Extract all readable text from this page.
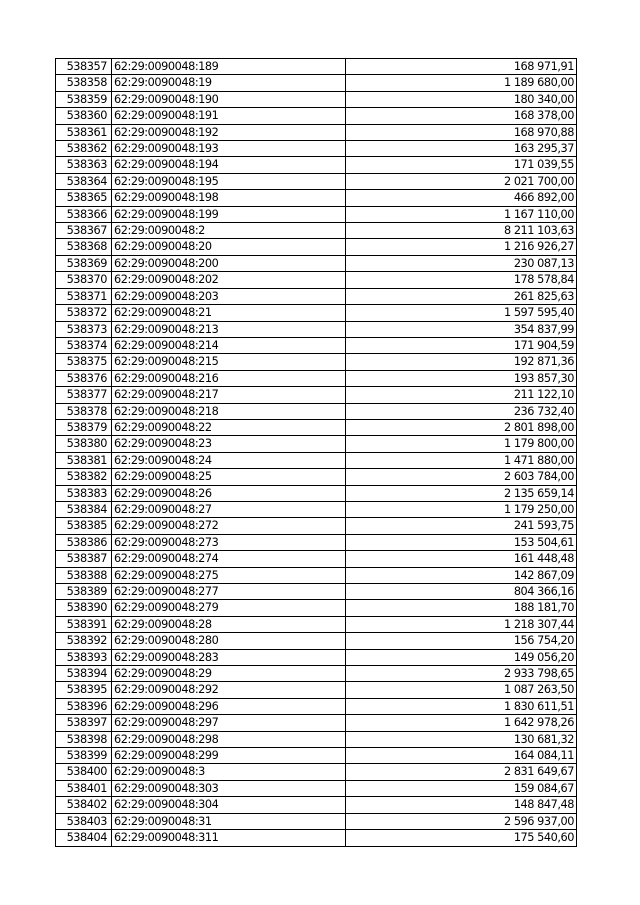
538357	62:29:0090048:189	168 971,91
538358	62:29:0090048:19	1 189 680,00
538359	62:29:0090048:190	180 340,00
538360	62:29:0090048:191	168 378,00
538361	62:29:0090048:192	168 970,88
538362	62:29:0090048:193	163 295,37
538363	62:29:0090048:194	171 039,55
538364	62:29:0090048:195	2 021 700,00
538365	62:29:0090048:198	466 892,00
538366	62:29:0090048:199	1 167 110,00
538367	62:29:0090048:2	8 211 103,63
538368	62:29:0090048:20	1 216 926,27
538369	62:29:0090048:200	230 087,13
538370	62:29:0090048:202	178 578,84
538371	62:29:0090048:203	261 825,63
538372	62:29:0090048:21	1 597 595,40
538373	62:29:0090048:213	354 837,99
538374	62:29:0090048:214	171 904,59
538375	62:29:0090048:215	192 871,36
538376	62:29:0090048:216	193 857,30
538377	62:29:0090048:217	211 122,10
538378	62:29:0090048:218	236 732,40
538379	62:29:0090048:22	2 801 898,00
538380	62:29:0090048:23	1 179 800,00
538381	62:29:0090048:24	1 471 880,00
538382	62:29:0090048:25	2 603 784,00
538383	62:29:0090048:26	2 135 659,14
538384	62:29:0090048:27	1 179 250,00
538385	62:29:0090048:272	241 593,75
538386	62:29:0090048:273	153 504,61
538387	62:29:0090048:274	161 448,48
538388	62:29:0090048:275	142 867,09
538389	62:29:0090048:277	804 366,16
538390	62:29:0090048:279	188 181,70
538391	62:29:0090048:28	1 218 307,44
538392	62:29:0090048:280	156 754,20
538393	62:29:0090048:283	149 056,20
538394	62:29:0090048:29	2 933 798,65
538395	62:29:0090048:292	1 087 263,50
538396	62:29:0090048:296	1 830 611,51
538397	62:29:0090048:297	1 642 978,26
538398	62:29:0090048:298	130 681,32
538399	62:29:0090048:299	164 084,11
538400	62:29:0090048:3	2 831 649,67
538401	62:29:0090048:303	159 084,67
538402	62:29:0090048:304	148 847,48
538403	62:29:0090048:31	2 596 937,00
538404	62:29:0090048:311	175 540,60
